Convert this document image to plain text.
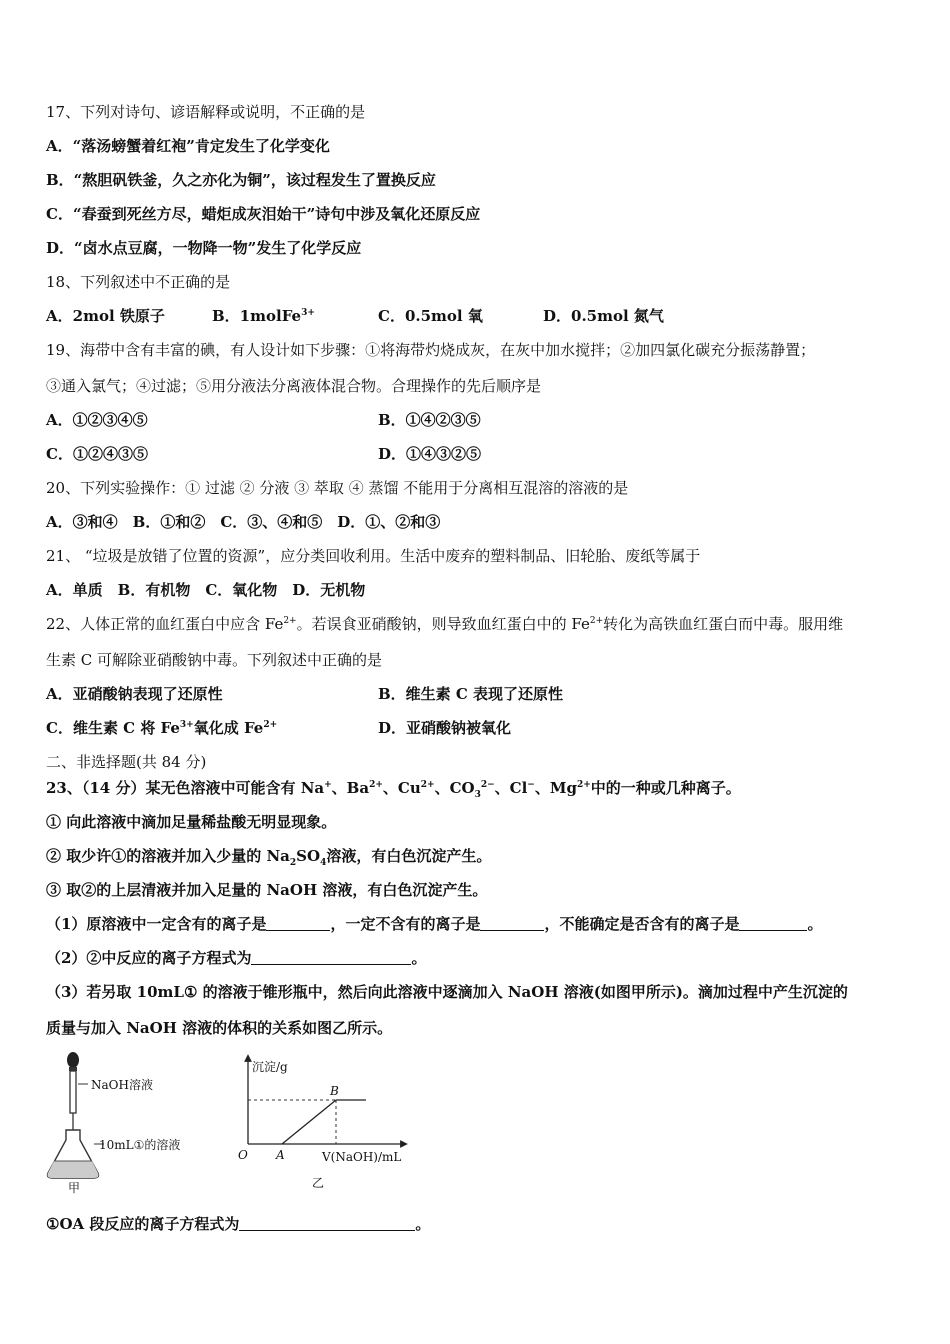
17、下列对诗句、谚语解释或说明，不正确的是
A．“落汤螃蟹着红袍”肯定发生了化学变化
B．“熬胆矾铁釜，久之亦化为铜”，该过程发生了置换反应
C．“春蚕到死丝方尽，蜡炬成灰泪始干”诗句中涉及氧化还原反应
D．“卤水点豆腐，一物降一物”发生了化学反应
18、下列叙述中不正确的是
A．2mol 铁原子	B．1molFe$^{3+}$	C．0.5mol 氧	D．0.5mol 氮气
19、海带中含有丰富的碘，有人设计如下步骤：①将海带灼烧成灰，在灰中加水搅拌；②加四氯化碳充分振荡静置；
③通入氯气；④过滤；⑤用分液法分离液体混合物。合理操作的先后顺序是
A．①②③④⑤	B．①④②③⑤
C．①②④③⑤	D．①④③②⑤
20、下列实验操作：① 过滤 ② 分液 ③ 萃取 ④ 蒸馏 不能用于分离相互混溶的溶液的是
A．③和④　B．①和②　C．③、④和⑤　D．①、②和③
21、 “垃圾是放错了位置的资源”，应分类回收利用。生活中废弃的塑料制品、旧轮胎、废纸等属于
A．单质　B．有机物　C．氧化物　D．无机物
22、人体正常的血红蛋白中应含 $Fe^{2+}$。若误食亚硝酸钠，则导致血红蛋白中的 $Fe^{2+}$转化为高铁血红蛋白而中毒。服用维
生素 C 可解除亚硝酸钠中毒。下列叙述中正确的是
A．亚硝酸钠表现了还原性	B．维生素 C 表现了还原性
C．维生素 C 将 $Fe^{3+}$氧化成 $Fe^{2+}$	D．亚硝酸钠被氧化
二、非选择题(共 84 分)
23、（14 分）某无色溶液中可能含有 Na+、$Ba^{2+}$、$Cu^{2+}$、$CO_3^{2-}$、Cl−、$Mg^{2+}$中的一种或几种离子。
① 向此溶液中滴加足量稀盐酸无明显现象。
② 取少许①的溶液并加入少量的 $Na_2SO_4$溶液，有白色沉淀产生。
③ 取②的上层清液并加入足量的 NaOH 溶液，有白色沉淀产生。
（1）原溶液中一定含有的离子是	，一定不含有的离子是	，不能确定是否含有的离子是	。
（2）②中反应的离子方程式为	。
（3）若另取 10mL① 的溶液于锥形瓶中，然后向此溶液中逐滴加入 NaOH 溶液(如图甲所示)。滴加过程中产生沉淀的
质量与加入 NaOH 溶液的体积的关系如图乙所示。
NaOH溶液
10mL①的溶液
甲
沉淀/g
B
O A	V(NaOH)/mL
乙
①OA 段反应的离子方程式为	。
